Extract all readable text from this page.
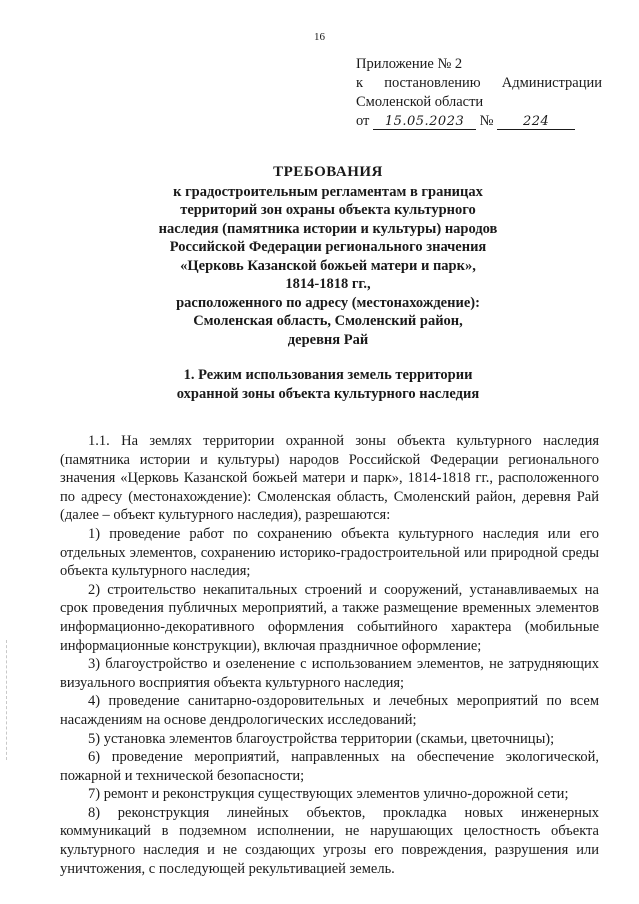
16
Приложение № 2
к постановлению Администрации
Смоленской области
от 15.05.2023 № 224
ТРЕБОВАНИЯ
к градостроительным регламентам в границах
территорий зон охраны объекта культурного
наследия (памятника истории и культуры) народов
Российской Федерации регионального значения
«Церковь Казанской божьей матери и парк»,
1814-1818 гг.,
расположенного по адресу (местонахождение):
Смоленская область, Смоленский район,
деревня Рай
1. Режим использования земель территории
охранной зоны объекта культурного наследия

1.1. На землях территории охранной зоны объекта культурного наследия (памятника истории и культуры) народов Российской Федерации регионального значения «Церковь Казанской божьей матери и парк», 1814-1818 гг., расположенного по адресу (местонахождение): Смоленская область, Смоленский район, деревня Рай (далее – объект культурного наследия), разрешаются:

1) проведение работ по сохранению объекта культурного наследия или его отдельных элементов, сохранению историко-градостроительной или природной среды объекта культурного наследия;

2) строительство некапитальных строений и сооружений, устанавливаемых на срок проведения публичных мероприятий, а также размещение временных элементов информационно-декоративного оформления событийного характера (мобильные информационные конструкции), включая праздничное оформление;

3) благоустройство и озеленение с использованием элементов, не затрудняющих визуального восприятия объекта культурного наследия;

4) проведение санитарно-оздоровительных и лечебных мероприятий по всем насаждениям на основе дендрологических исследований;

5) установка элементов благоустройства территории (скамьи, цветочницы);

6) проведение мероприятий, направленных на обеспечение экологической, пожарной и технической безопасности;

7) ремонт и реконструкция существующих элементов улично-дорожной сети;

8) реконструкция линейных объектов, прокладка новых инженерных коммуникаций в подземном исполнении, не нарушающих целостность объекта культурного наследия и не создающих угрозы его повреждения, разрушения или уничтожения, с последующей рекультивацией земель.
